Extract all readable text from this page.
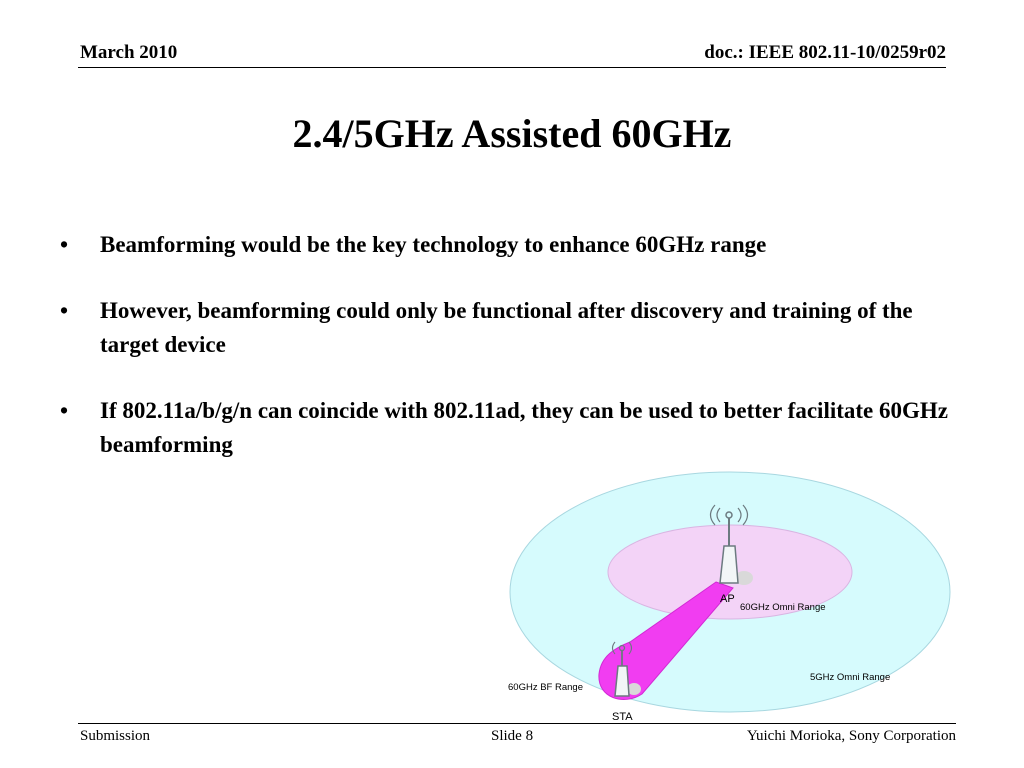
March 2010	doc.: IEEE 802.11-10/0259r02
2.4/5GHz Assisted 60GHz
• Beamforming would be the key technology to enhance 60GHz range
• However, beamforming could only be functional after discovery and training of the target device
• If 802.11a/b/g/n can coincide with 802.11ad, they can be used to better facilitate 60GHz beamforming
AP
60GHz Omni Range
5GHz Omni Range
60GHz BF Range
STA
Submission	Slide 8	Yuichi Morioka, Sony Corporation
